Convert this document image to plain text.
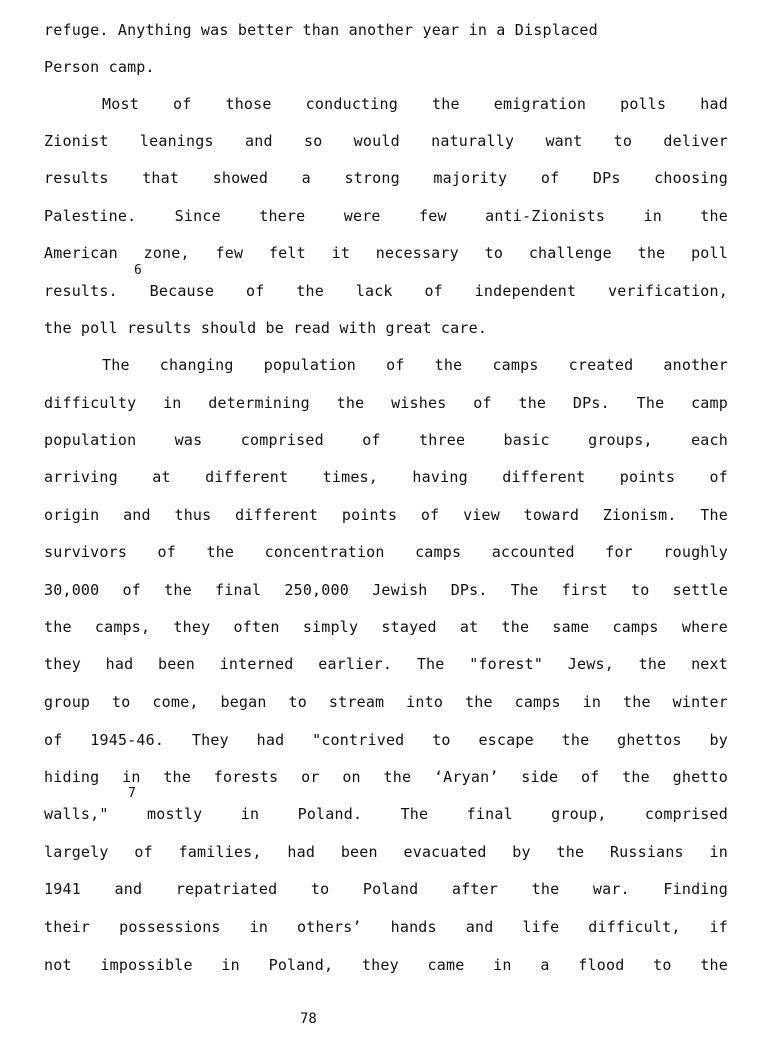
refuge. Anything was better than another year in a Displaced
Person camp.
Most of those conducting the emigration polls had
Zionist leanings and so would naturally want to deliver
results that showed a strong majority of DPs choosing
Palestine. Since there were few anti-Zionists in the
American zone, few felt it necessary to challenge the poll
6
results. Because of the lack of independent verification,
the poll results should be read with great care.
The changing population of the camps created another
difficulty in determining the wishes of the DPs. The camp
population was comprised of three basic groups, each
arriving at different times, having different points of
origin and thus different points of view toward Zionism. The
survivors of the concentration camps accounted for roughly
30,000 of the final 250,000 Jewish DPs. The first to settle
the camps, they often simply stayed at the same camps where
they had been interned earlier. The "forest" Jews, the next
group to come, began to stream into the camps in the winter
of 1945-46. They had "contrived to escape the ghettos by
hiding in the forests or on the ‘Aryan’ side of the ghetto
7
walls," mostly in Poland. The final group, comprised
largely of families, had been evacuated by the Russians in
1941 and repatriated to Poland after the war. Finding
their possessions in others’ hands and life difficult, if
not impossible in Poland, they came in a flood to the
78
